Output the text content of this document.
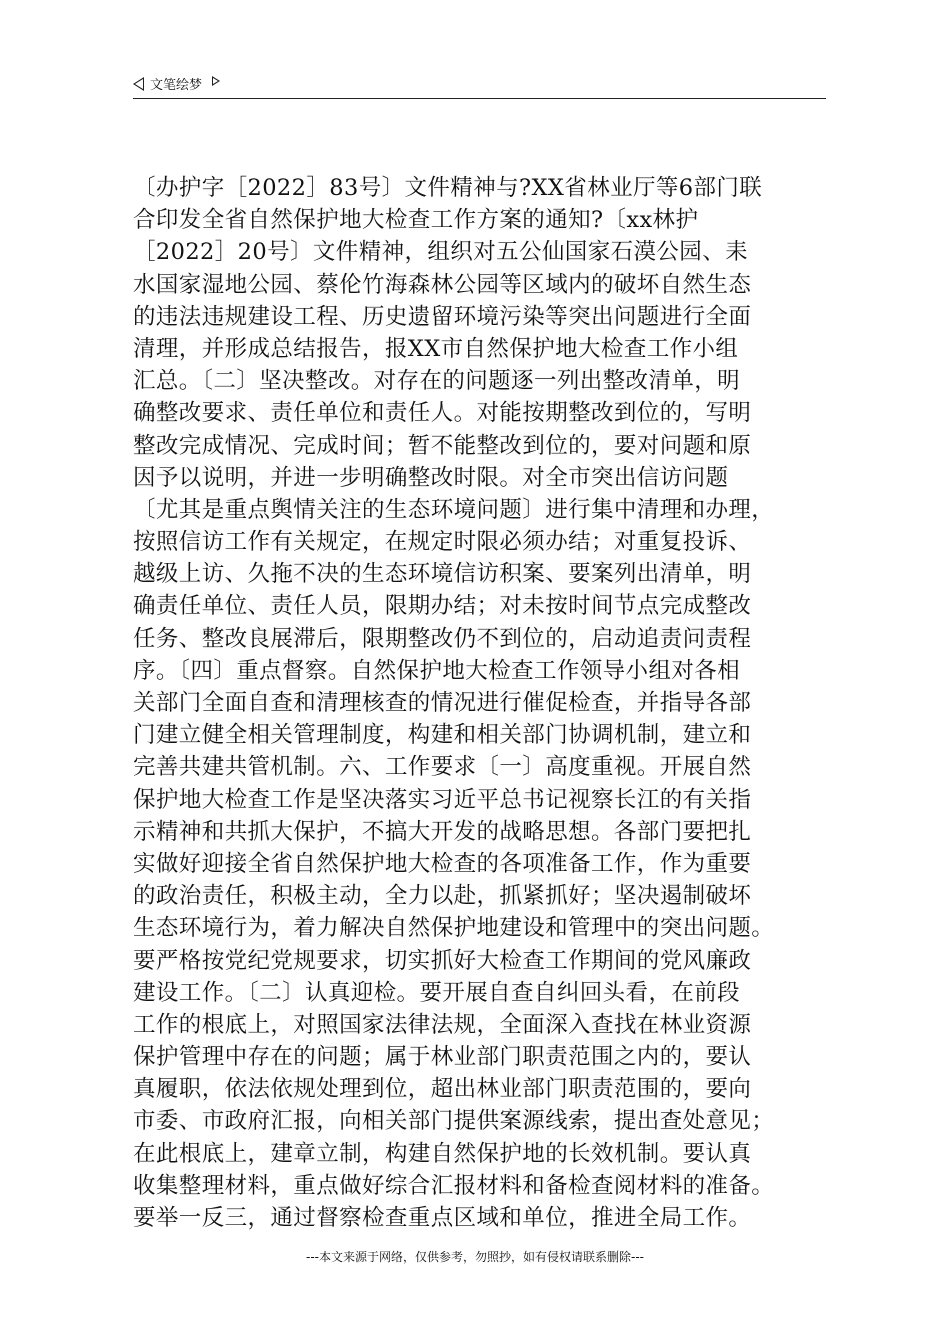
文笔绘梦
〔办护字［2022］83号〕文件精神与?XX省林业厅等6部门联
合印发全省自然保护地大检查工作方案的通知?〔xx林护
［2022］20号〕文件精神，组织对五公仙国家石漠公园、耒
水国家湿地公园、蔡伦竹海森林公园等区域内的破坏自然生态
的违法违规建设工程、历史遗留环境污染等突出问题进行全面
清理，并形成总结报告，报XX市自然保护地大检查工作小组
汇总。〔二〕坚决整改。对存在的问题逐一列出整改清单，明
确整改要求、责任单位和责任人。对能按期整改到位的，写明
整改完成情况、完成时间；暂不能整改到位的，要对问题和原
因予以说明，并进一步明确整改时限。对全市突出信访问题
〔尤其是重点舆情关注的生态环境问题〕进行集中清理和办理，
按照信访工作有关规定，在规定时限必须办结；对重复投诉、
越级上访、久拖不决的生态环境信访积案、要案列出清单，明
确责任单位、责任人员，限期办结；对未按时间节点完成整改
任务、整改良展滞后，限期整改仍不到位的，启动追责问责程
序。〔四〕重点督察。自然保护地大检查工作领导小组对各相
关部门全面自查和清理核查的情况进行催促检查，并指导各部
门建立健全相关管理制度，构建和相关部门协调机制，建立和
完善共建共管机制。六、工作要求〔一〕高度重视。开展自然
保护地大检查工作是坚决落实习近平总书记视察长江的有关指
示精神和共抓大保护，不搞大开发的战略思想。各部门要把扎
实做好迎接全省自然保护地大检查的各项准备工作，作为重要
的政治责任，积极主动，全力以赴，抓紧抓好；坚决遏制破坏
生态环境行为，着力解决自然保护地建设和管理中的突出问题。
要严格按党纪党规要求，切实抓好大检查工作期间的党风廉政
建设工作。〔二〕认真迎检。要开展自查自纠回头看，在前段
工作的根底上，对照国家法律法规，全面深入查找在林业资源
保护管理中存在的问题；属于林业部门职责范围之内的，要认
真履职，依法依规处理到位，超出林业部门职责范围的，要向
市委、市政府汇报，向相关部门提供案源线索，提出查处意见；
在此根底上，建章立制，构建自然保护地的长效机制。要认真
收集整理材料，重点做好综合汇报材料和备检查阅材料的准备。
要举一反三，通过督察检查重点区域和单位，推进全局工作。
---本文来源于网络，仅供参考，勿照抄，如有侵权请联系删除---
